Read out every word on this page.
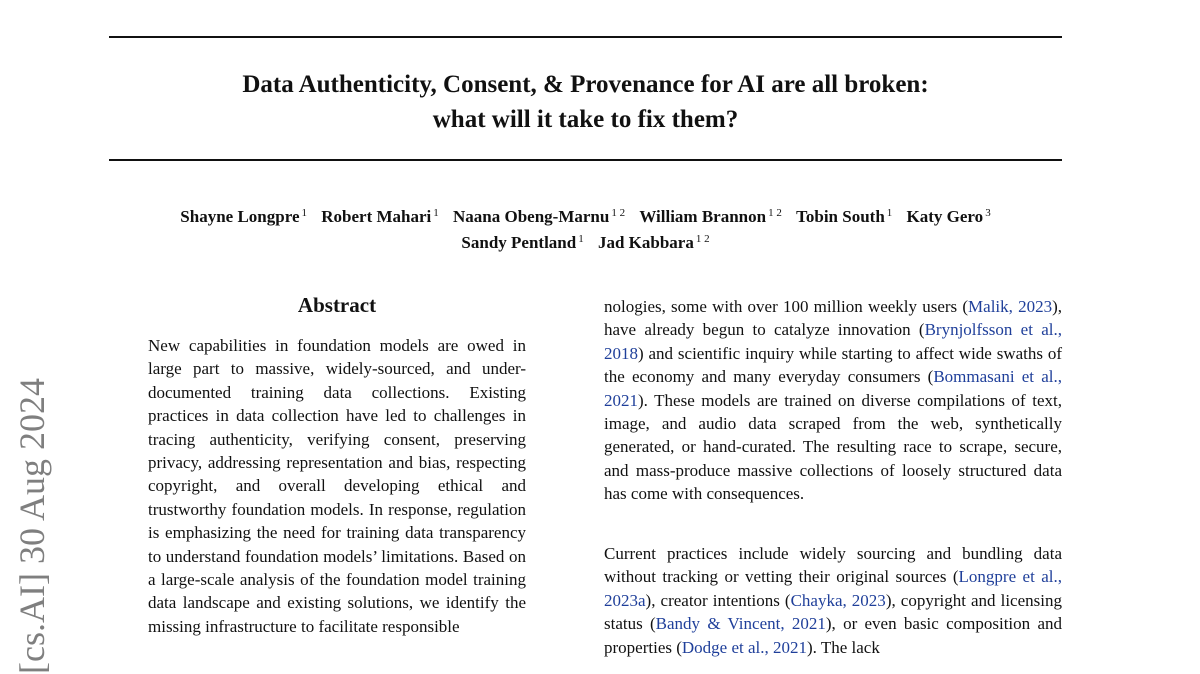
[cs.AI] 30 Aug 2024
Data Authenticity, Consent, & Provenance for AI are all broken:
what will it take to fix them?
Shayne Longpre $^1$ Robert Mahari $^1$ Naana Obeng-Marnu $^{1 2}$ William Brannon $^{1 2}$ Tobin South $^1$ Katy Gero $^3$
Sandy Pentland $^1$ Jad Kabbara $^{1 2}$
Abstract
New capabilities in foundation models are owed in large part to massive, widely-sourced, and under-documented training data collections. Existing practices in data collection have led to challenges in tracing authenticity, verifying consent, preserving privacy, addressing representation and bias, respecting copyright, and overall developing ethical and trustworthy foundation models. In response, regulation is emphasizing the need for training data transparency to understand foundation models’ limitations. Based on a large-scale analysis of the foundation model training data landscape and existing solutions, we identify the missing infrastructure to facilitate responsible
nologies, some with over 100 million weekly users (Malik, 2023), have already begun to catalyze innovation (Brynjolfsson et al., 2018) and scientific inquiry while starting to affect wide swaths of the economy and many everyday consumers (Bommasani et al., 2021). These models are trained on diverse compilations of text, image, and audio data scraped from the web, synthetically generated, or hand-curated. The resulting race to scrape, secure, and mass-produce massive collections of loosely structured data has come with consequences.
Current practices include widely sourcing and bundling data without tracking or vetting their original sources (Longpre et al., 2023a), creator intentions (Chayka, 2023), copyright and licensing status (Bandy & Vincent, 2021), or even basic composition and properties (Dodge et al., 2021). The lack
